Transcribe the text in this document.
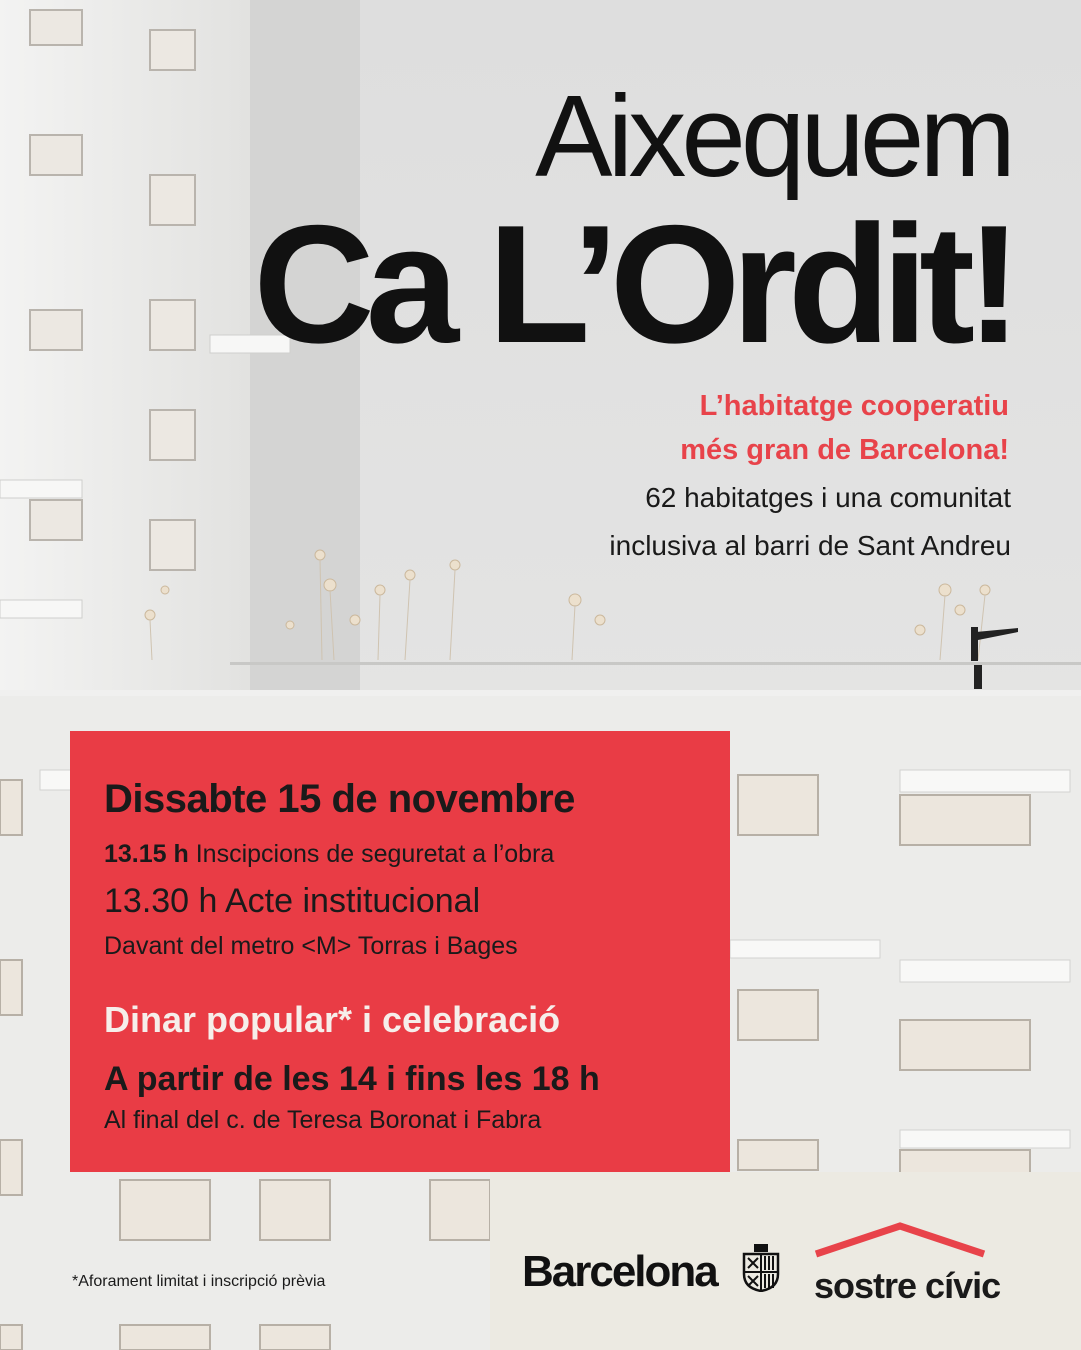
Aixequem
Ca L’Ordit!
L’habitatge cooperatiu
més gran de Barcelona!
62 habitatges i una comunitat
inclusiva al barri de Sant Andreu
Dissabte 15 de novembre
13.15 h Inscipcions de seguretat a l’obra
13.30 h Acte institucional
Davant del metro <M> Torras i Bages
Dinar popular* i celebració
A partir de les 14 i fins les 18 h
Al final del c. de Teresa Boronat i Fabra
*Aforament limitat i inscripció prèvia	Barcelona	sostre cívic
